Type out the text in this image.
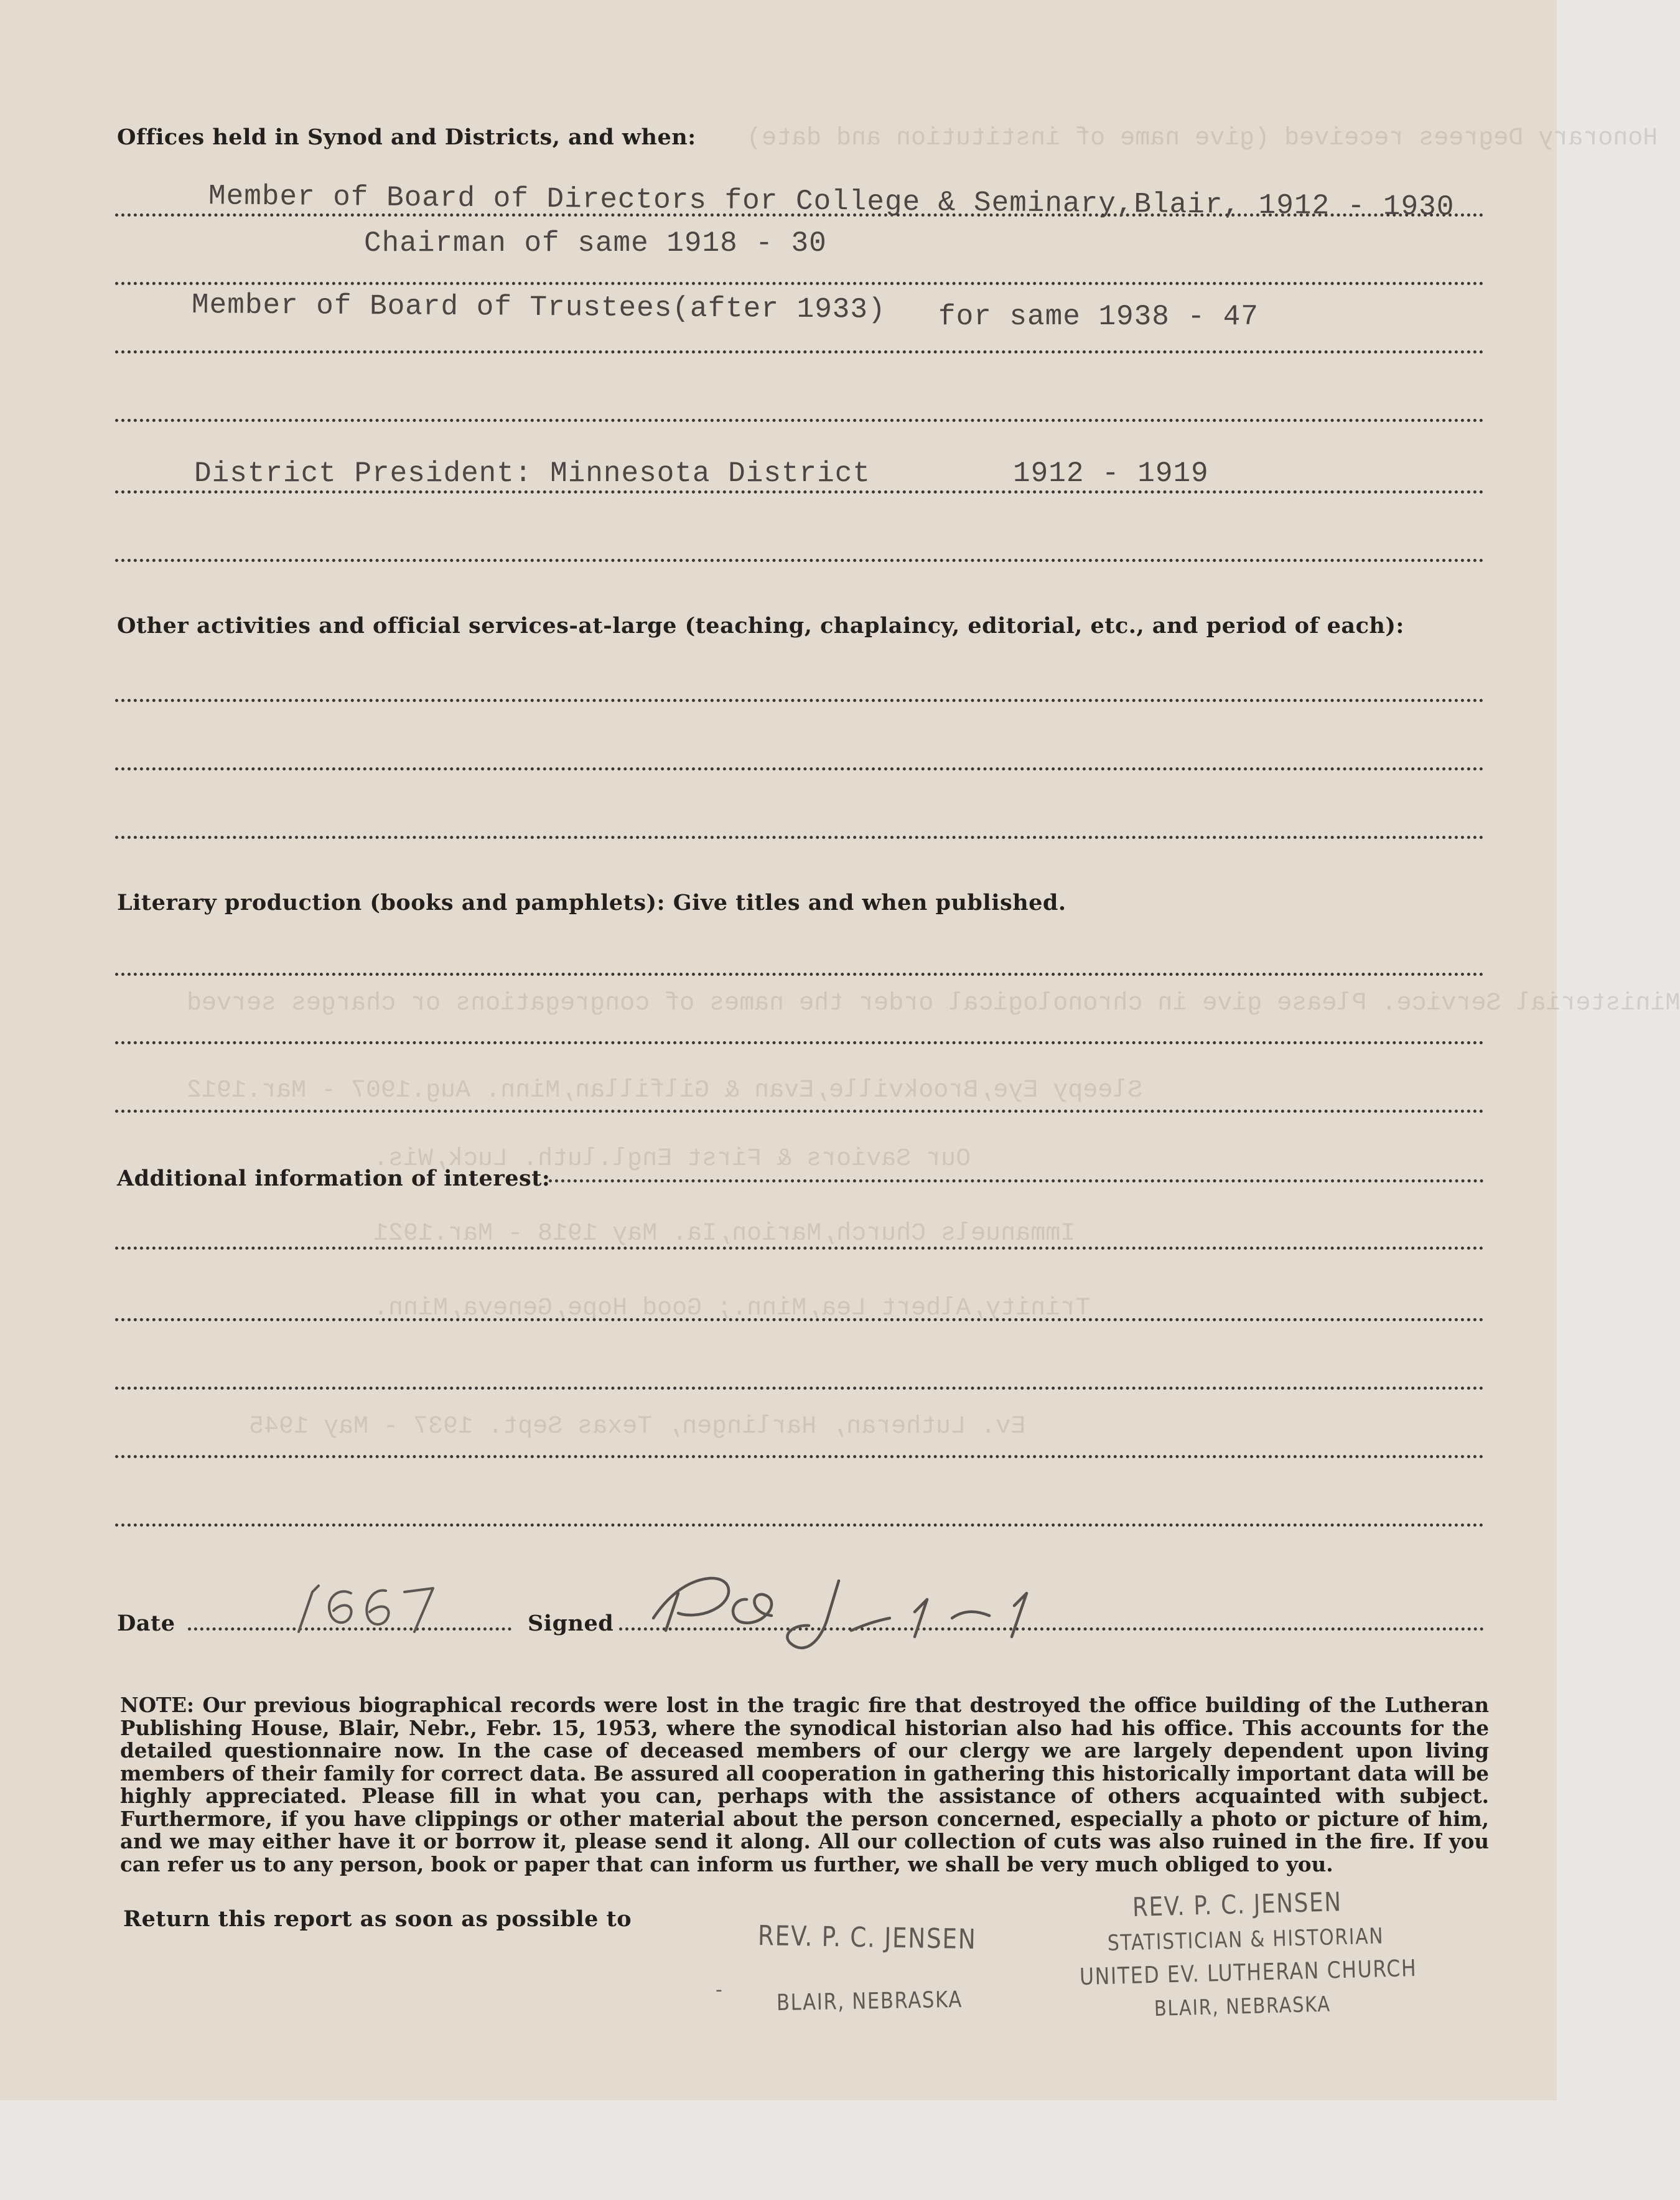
Honorary Degrees received (give name of institution and date)
Ministerial Service. Please give in chronological order the names of congregations or charges served
Sleepy Eye,Brookville,Evan & Gilfillan,Minn. Aug.1907 - Mar.1912
Our Saviors & First Engl.luth. Luck,Wis.
Immanuels Church,Marion,Ia. May 1918 - Mar.1921
Trinity,Albert Lea,Minn.; Good Hope,Geneva,Minn.
Ev. Lutheran, Harlingen, Texas Sept. 1937 - May 1945
Offices held in Synod and Districts, and when:
Member of Board of Directors for College & Seminary,Blair, 1912 - 1930
Chairman of same 1918 - 30
Member of Board of Trustees(after 1933) for same 1938 - 47
District President: Minnesota District	1912 - 1919
Other activities and official services-at-large (teaching, chaplaincy, editorial, etc., and period of each):
Literary production (books and pamphlets): Give titles and when published.
Additional information of interest:
Date	Signed
NOTE: Our previous biographical records were lost in the tragic fire that destroyed the office building of the Lutheran Publishing House, Blair, Nebr., Febr. 15, 1953, where the synodical historian also had his office. This accounts for the detailed questionnaire now. In the case of deceased members of our clergy we are largely dependent upon living members of their family for correct data. Be assured all cooperation in gathering this historically important data will be highly appreciated. Please fill in what you can, perhaps with the assistance of others acquainted with subject. Furthermore, if you have clippings or other material about the person concerned, especially a photo or picture of him, and we may either have it or borrow it, please send it along. All our collection of cuts was also ruined in the fire. If you can refer us to any person, book or paper that can inform us further, we shall be very much obliged to you.
Return this report as soon as possible to
REV. P. C. JENSEN
- BLAIR, NEBRASKA
REV. P. C. JENSEN
STATISTICIAN & HISTORIAN
UNITED EV. LUTHERAN CHURCH
BLAIR, NEBRASKA
